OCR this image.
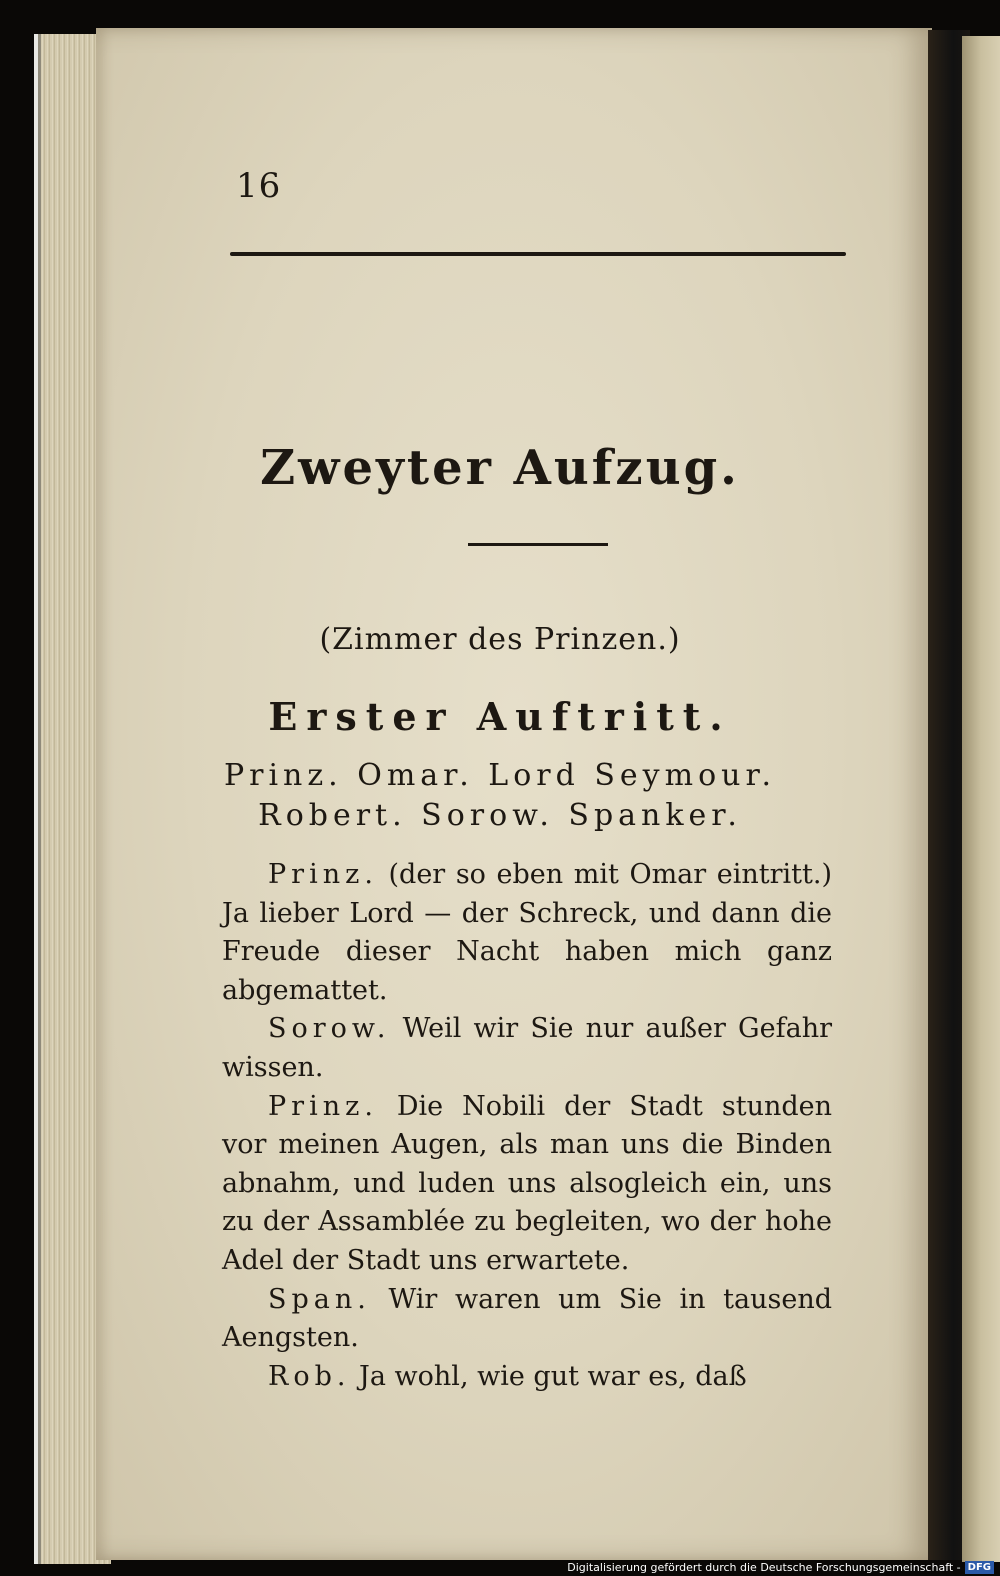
16
Zweyter Aufzug.
(Zimmer des Prinzen.)
Erster Auftritt.
Prinz. Omar. Lord Seymour.
Robert. Sorow. Spanker.

Prinz. (der so eben mit Omar eintritt.) Ja lieber Lord — der Schreck, und dann die Freude dieser Nacht haben mich ganz abgemattet.

Sorow. Weil wir Sie nur außer Gefahr wissen.

Prinz. Die Nobili der Stadt stunden vor meinen Augen, als man uns die Binden abnahm, und luden uns alsogleich ein, uns zu der Assamblée zu begleiten, wo der hohe Adel der Stadt uns erwartete.

Span. Wir waren um Sie in tausend Aengsten.

Rob. Ja wohl, wie gut war es, daß

Digitalisierung gefördert durch die Deutsche Forschungsgemeinschaft - DFG
